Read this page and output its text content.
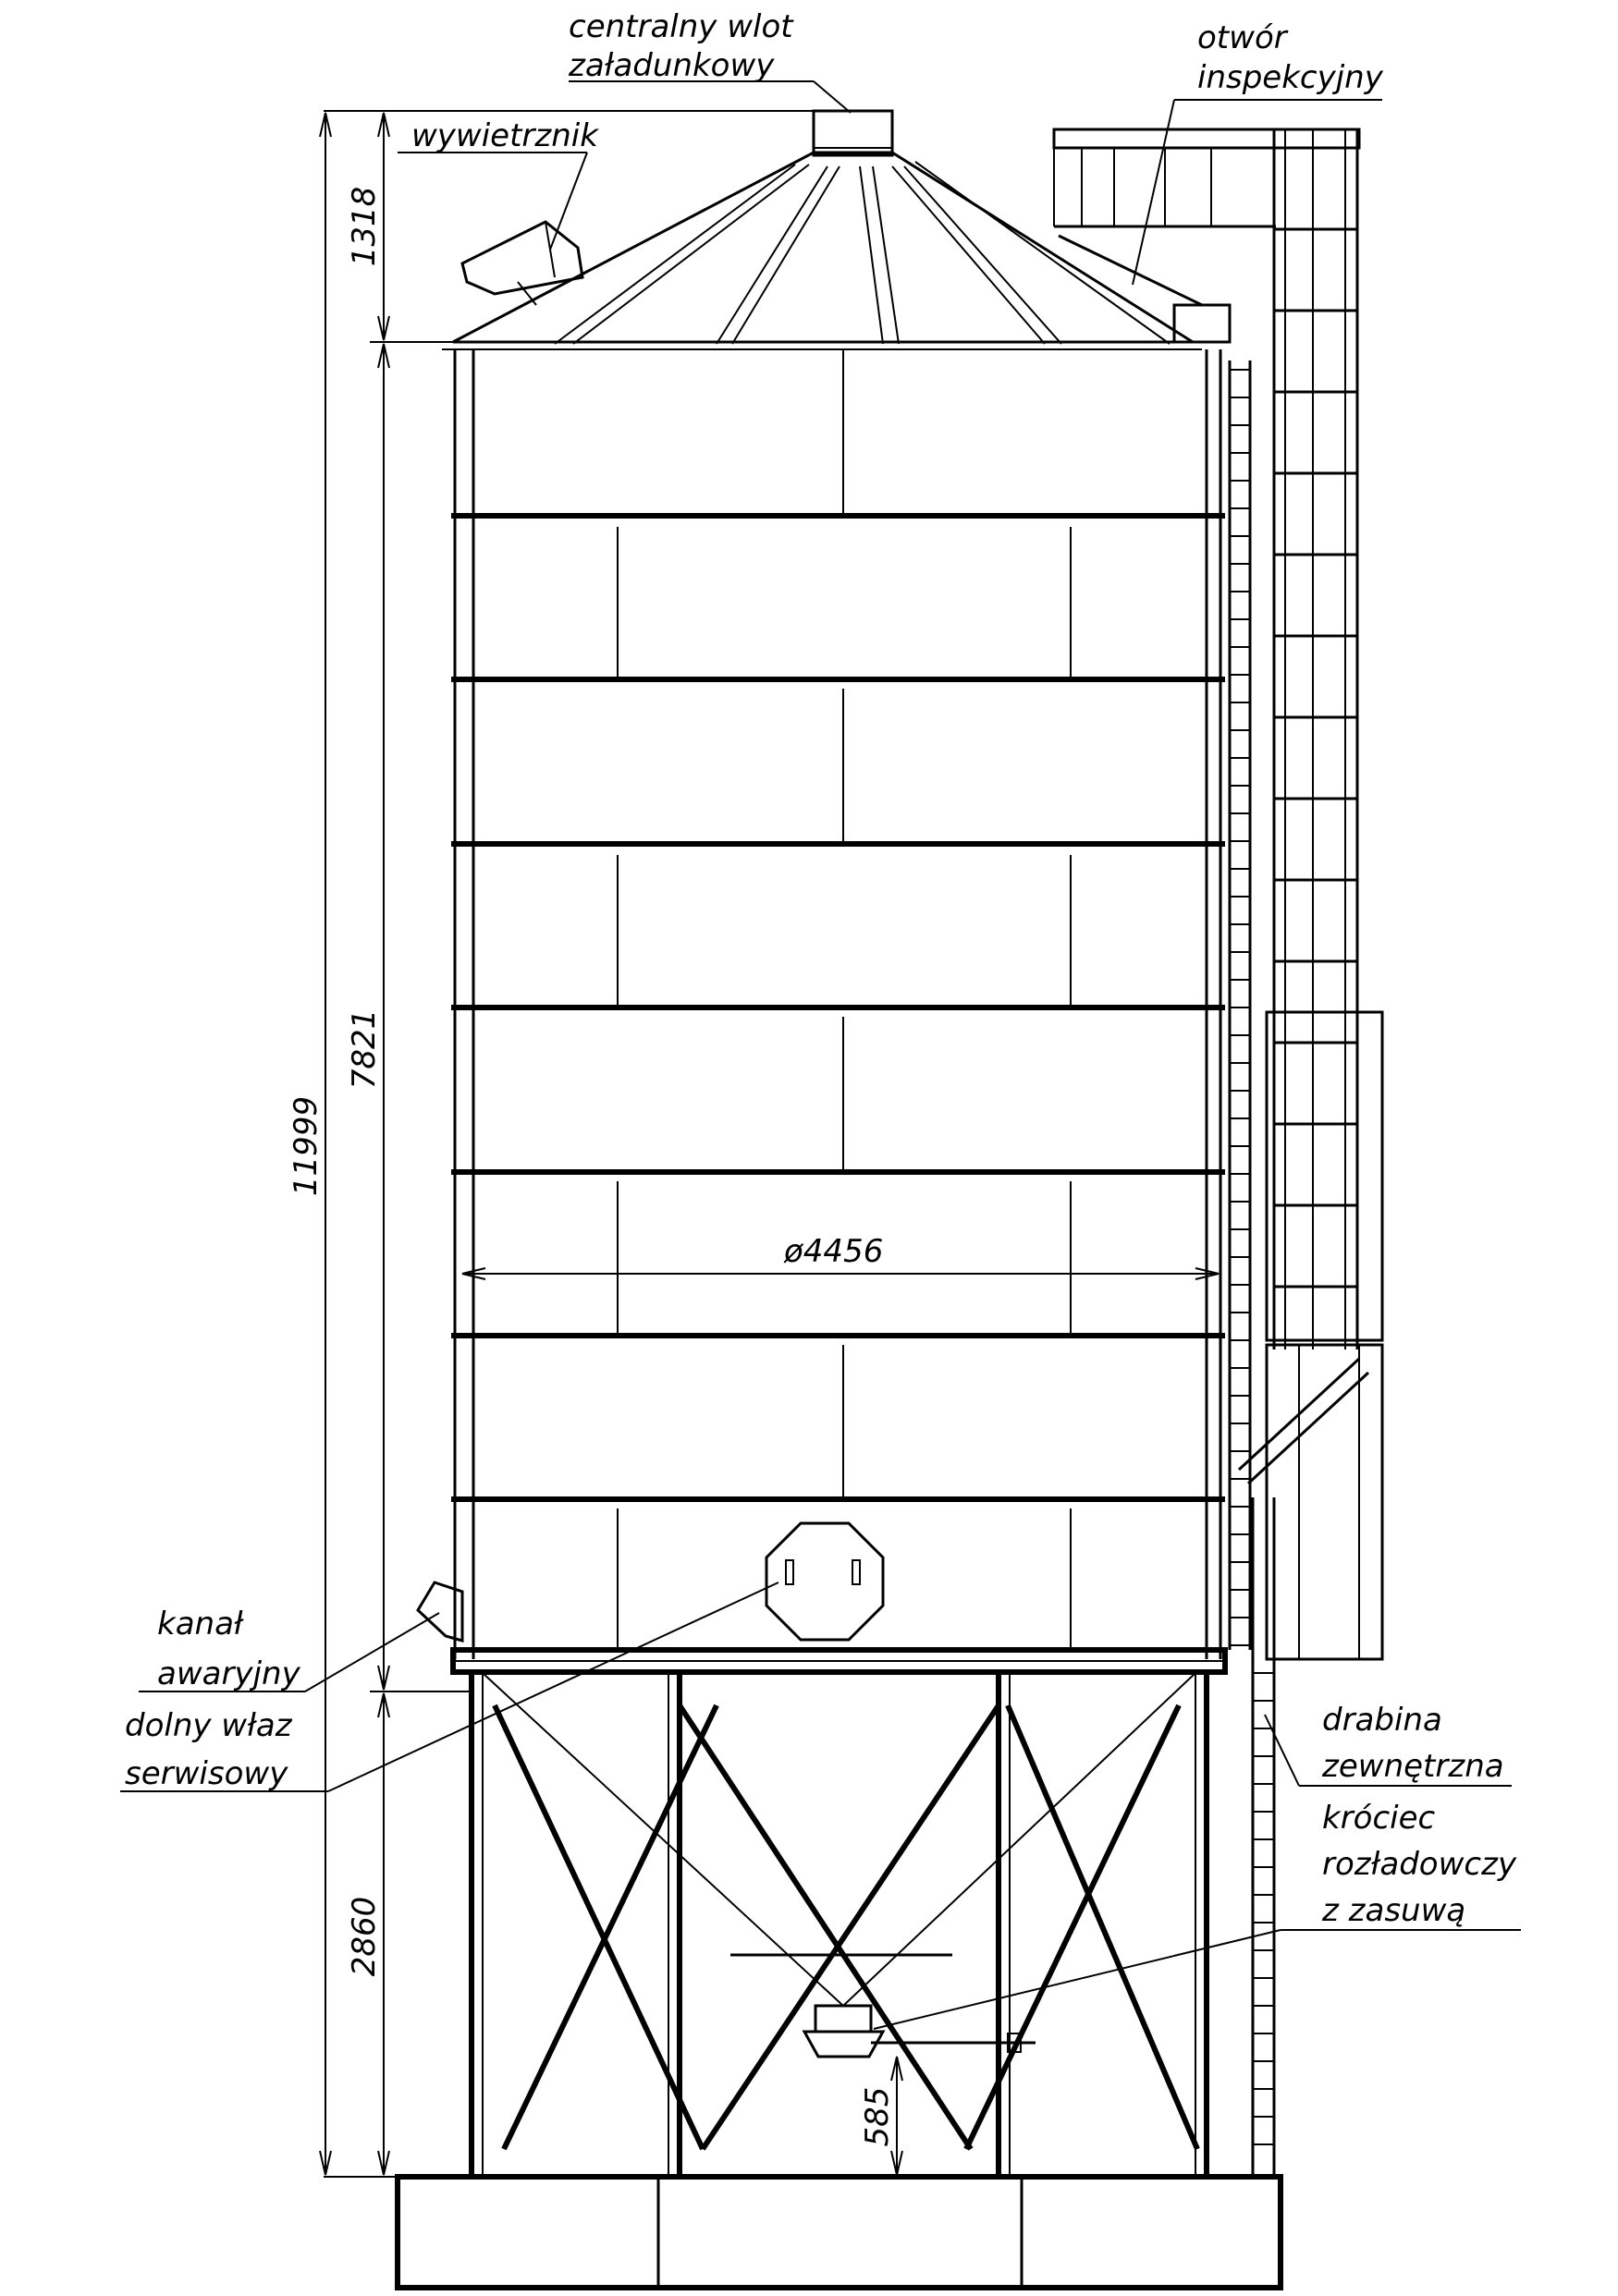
ø4456
11999
1318
7821
2860
585
centralny wlot
załadunkowy
otwór
inspekcyjny
wywietrznik
kanał
awaryjny
dolny właz
serwisowy
drabina
zewnętrzna
króciec
rozładowczy
z zasuwą
